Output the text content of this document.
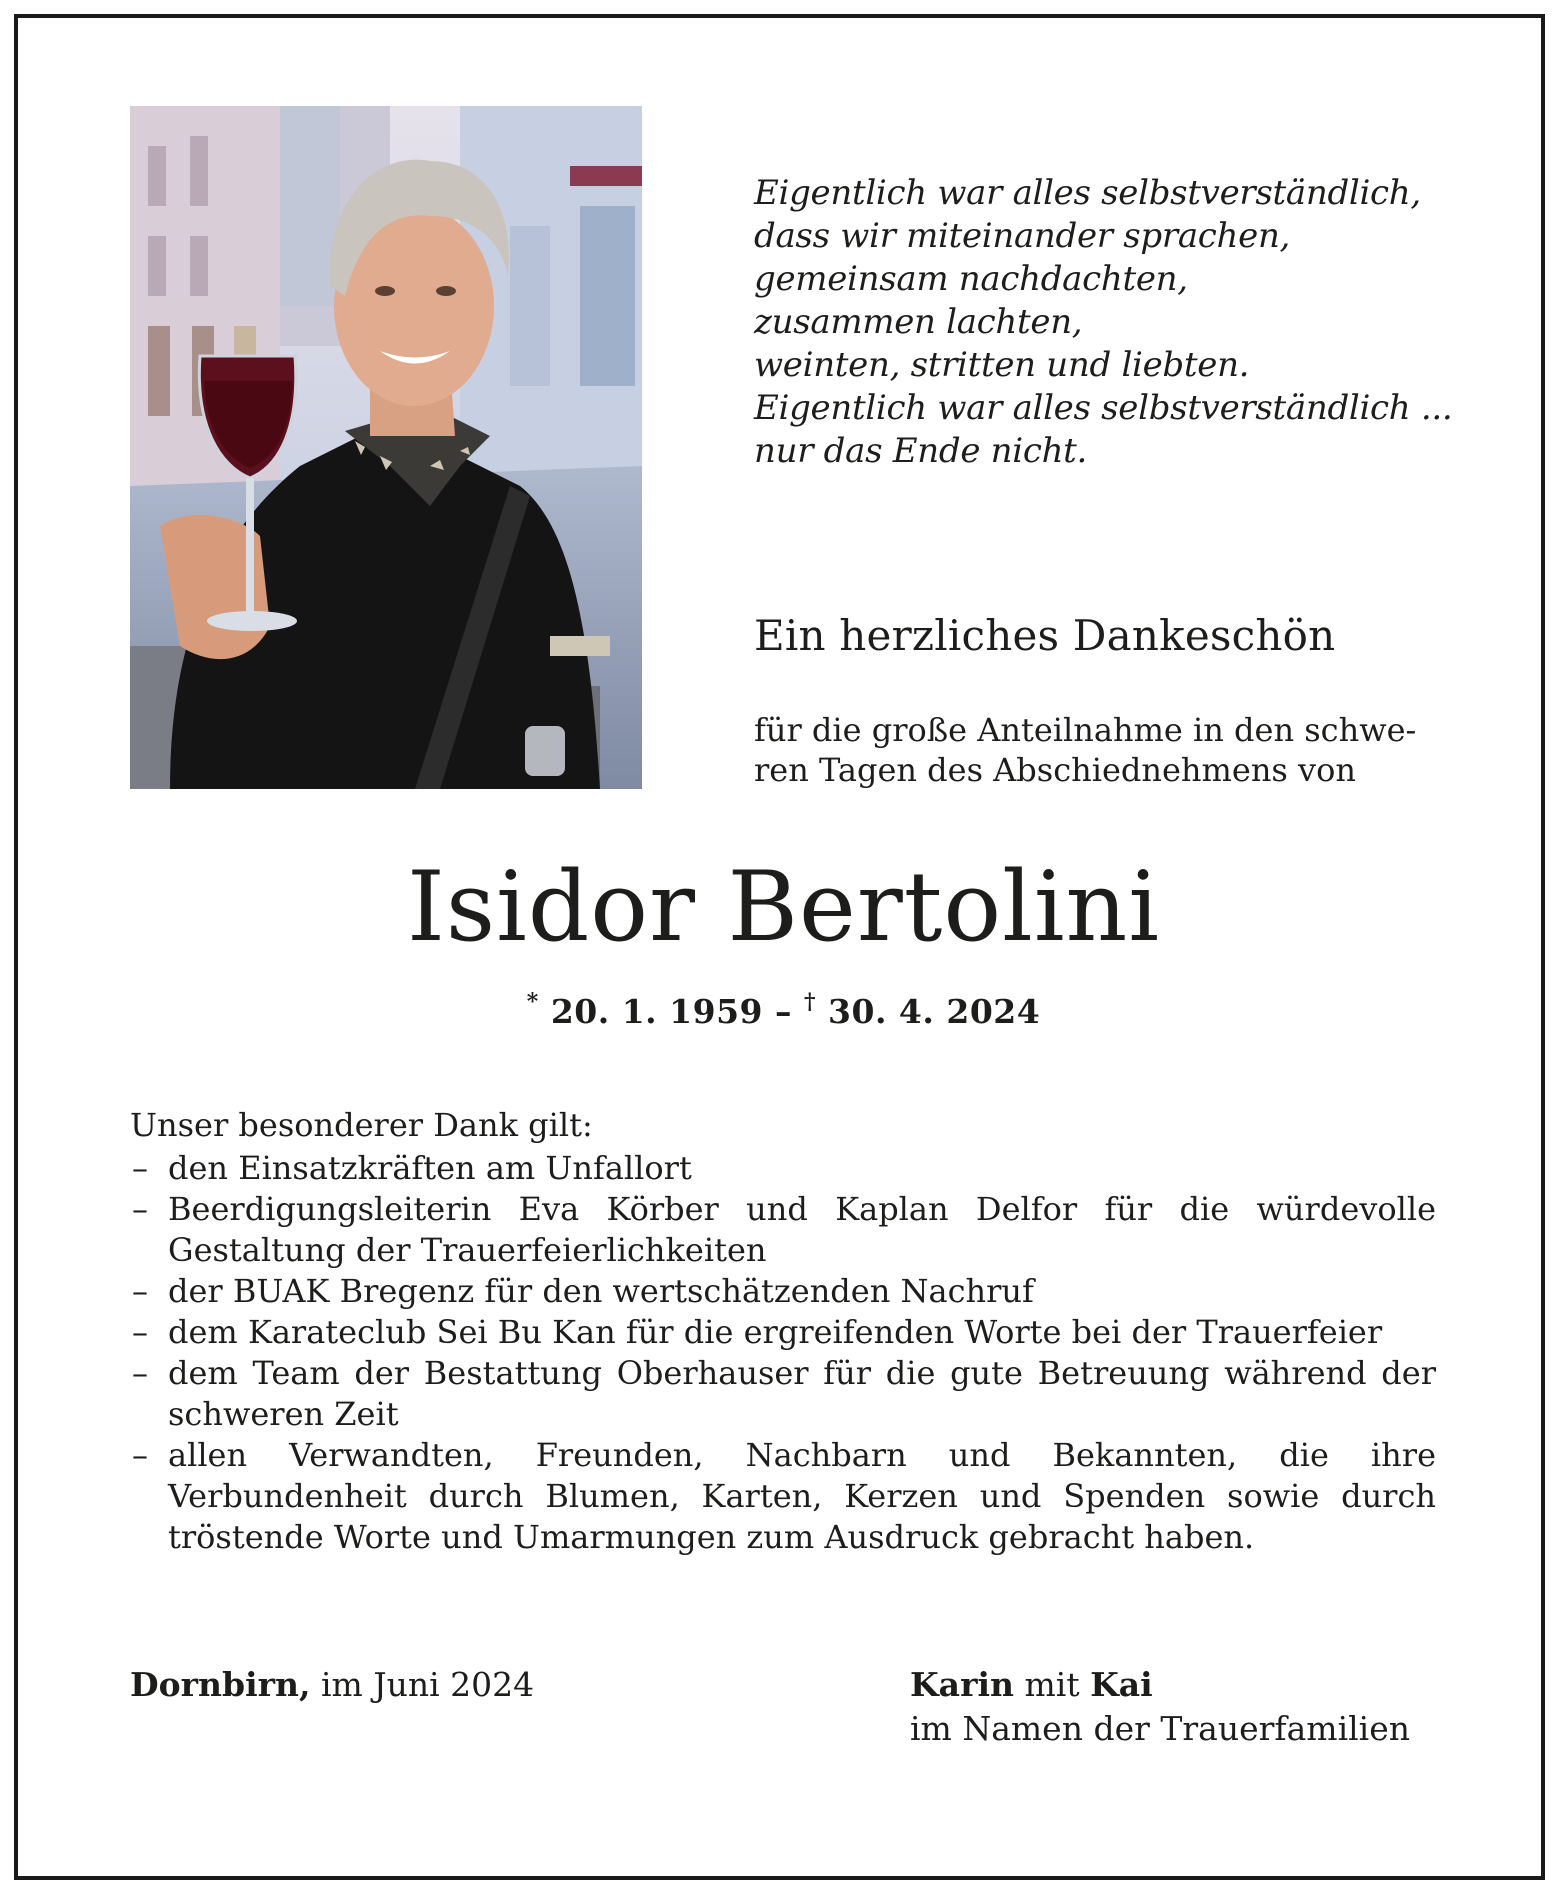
Eigentlich war alles selbstverständlich,
dass wir miteinander sprachen,
gemeinsam nachdachten,
zusammen lachten,
weinten, stritten und liebten.
Eigentlich war alles selbstverständlich ...
nur das Ende nicht.
Ein herzliches Dankeschön
für die große Anteilnahme in den schwe-
ren Tagen des Abschiednehmens von
Isidor Bertolini
* 20. 1. 1959 – † 30. 4. 2024
Unser besonderer Dank gilt:
– den Einsatzkräften am Unfallort
– Beerdigungsleiterin Eva Körber und Kaplan Delfor für die würdevolle Gestaltung der Trauerfeierlichkeiten
– der BUAK Bregenz für den wertschätzenden Nachruf
– dem Karateclub Sei Bu Kan für die ergreifenden Worte bei der Trauerfeier
– dem Team der Bestattung Oberhauser für die gute Betreuung während der schweren Zeit
– allen Verwandten, Freunden, Nachbarn und Bekannten, die ihre Verbundenheit durch Blumen, Karten, Kerzen und Spenden sowie durch tröstende Worte und Umarmungen zum Ausdruck gebracht haben.
Dornbirn, im Juni 2024	Karin mit Kai
im Namen der Trauerfamilien
